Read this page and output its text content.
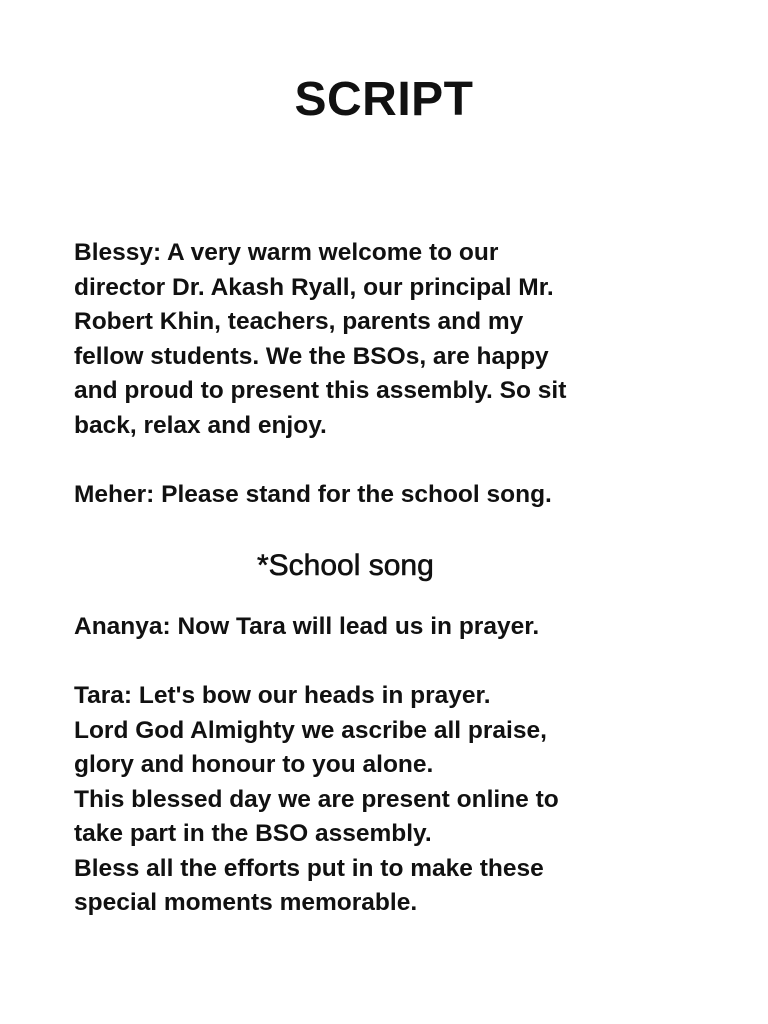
SCRIPT

Blessy: A very warm welcome to our
director Dr. Akash Ryall, our principal Mr.
Robert Khin, teachers, parents and my
fellow students. We the BSOs, are happy
and proud to present this assembly. So sit
back, relax and enjoy.

Meher: Please stand for the school song.

*School song

Ananya: Now Tara will lead us in prayer.

Tara: Let's bow our heads in prayer.
Lord God Almighty we ascribe all praise,
glory and honour to you alone.
This blessed day we are present online to
take part in the BSO assembly.
Bless all the efforts put in to make these
special moments memorable.
